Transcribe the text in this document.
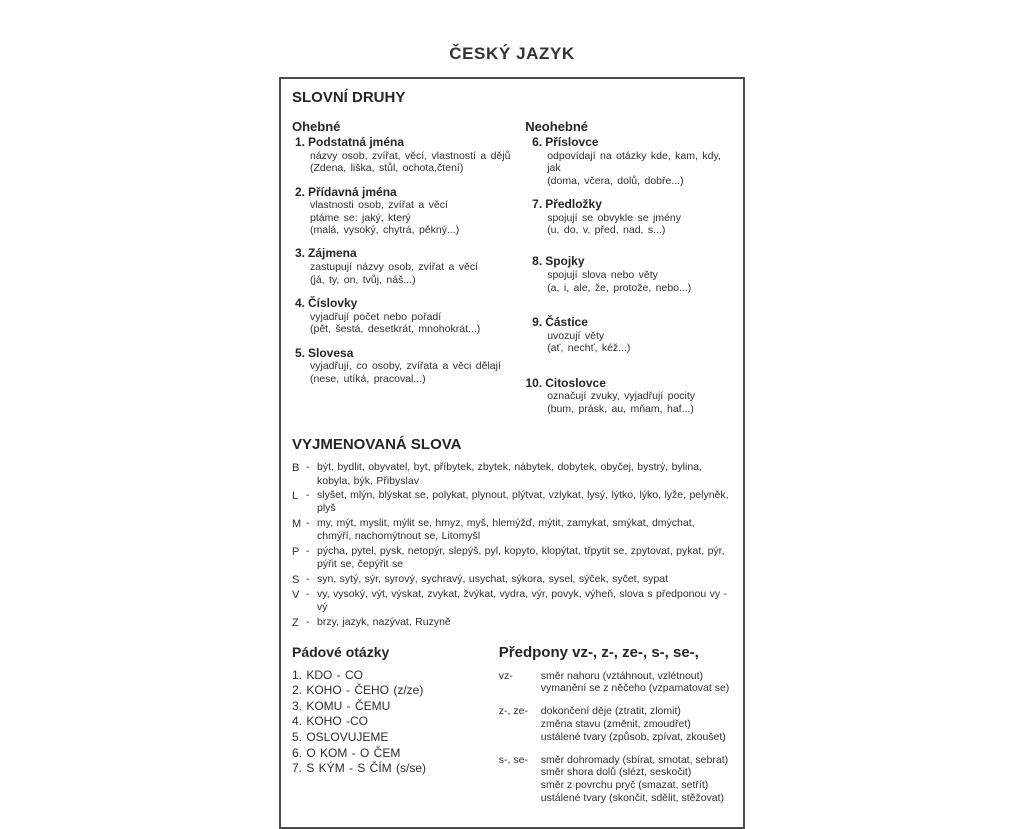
ČESKÝ JAZYK
SLOVNÍ DRUHY
Ohebné
1. Podstatná jména
názvy osob, zvířat, věcí, vlastností a dějů
(Zdena, liška, stůl, ochota,čtení)
2. Přídavná jména
vlastnosti osob, zvířat a věcí
ptáme se: jaký, který
(malá, vysoký, chytrá, pěkný...)
3. Zájmena
zastupují názvy osob, zvířat a věcí
(já, ty, on, tvůj, náš...)
4. Číslovky
vyjadřují počet nebo pořadí
(pět, šestá, desetkrát, mnohokrát...)
5. Slovesa
vyjadřují, co osoby, zvířata a věci dělají
(nese, utíká, pracoval...)
Neohebné
6. Příslovce
odpovídají na otázky kde, kam, kdy, jak
(doma, včera, dolů, dobře...)
7. Předložky
spojují se obvykle se jmény
(u, do, v, před, nad, s...)
8. Spojky
spojují slova nebo věty
(a, i, ale, že, protože, nebo...)
9. Částice
uvozují věty
(ať, nechť, kéž...)
10. Citoslovce
označují zvuky, vyjadřují pocity
(bum, prásk, au, mňam, haf...)
VYJMENOVANÁ SLOVA
B - být, bydlit, obyvatel, byt, příbytek, zbytek, nábytek, dobytek, obyčej, bystrý, bylina, kobyla, býk, Přibyslav
L - slyšet, mlýn, blýskat se, polykat, plynout, plýtvat, vzlykat, lysý, lýtko, lýko, lyže, pelyněk, plyš
M - my, mýt, myslit, mýlit se, hmyz, myš, hlemýžď, mýtit, zamykat, smýkat, dmýchat, chmýří, nachomýtnout se, Litomyšl
P - pýcha, pytel, pysk, netopýr, slepýš, pyl, kopyto, klopýtat, třpytit se, zpytovat, pykat, pýr, pýřit se, čepýřit se
S - syn, sytý, sýr, syrový, sychravý, usychat, sýkora, sysel, sýček, syčet, sypat
V - vy, vysoký, výt, výskat, zvykat, žvýkat, vydra, výr, povyk, výheň, slova s předponou vy - vý
Z - brzy, jazyk, nazývat, Ruzyně
Pádové otázky
1. KDO - CO
2. KOHO - ČEHO (z/ze)
3. KOMU - ČEMU
4. KOHO -CO
5. OSLOVUJEME
6. O KOM - O ČEM
7. S KÝM - S ČÍM (s/se)
Předpony vz-, z-, ze-, s-, se-,
vz-	směr nahoru (vztáhnout, vzlétnout)
vymanění se z něčeho (vzpamatovat se)
z-, ze-	dokončení děje (ztratit, zlomit)
změna stavu (změnit, zmoudřet)
ustálené tvary (způsob, zpívat, zkoušet)
s-, se-	směr dohromady (sbírat, smotat, sebrat)
směr shora dolů (slézt, seskočit)
směr z povrchu pryč (smazat, setřít)
ustálené tvary (skončit, sdělit, stěžovat)
